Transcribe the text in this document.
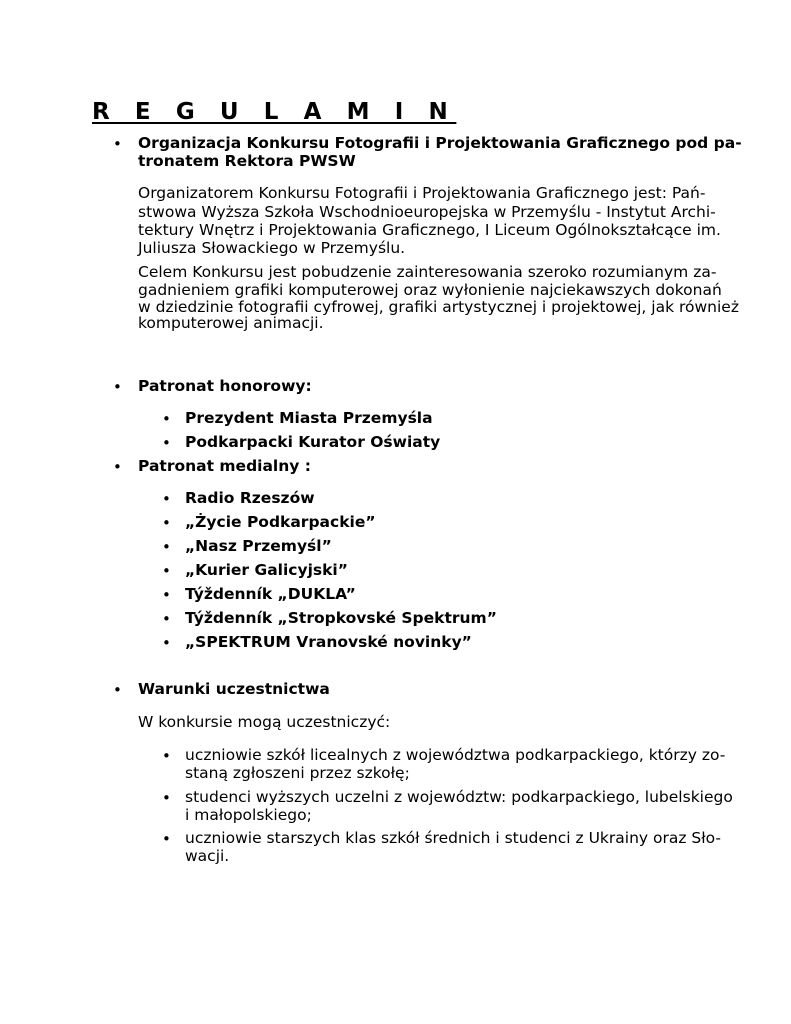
R E G U L A M I N
• Organizacja Konkursu Fotografii i Projektowania Graficznego pod pa-
tronatem Rektora PWSW
Organizatorem Konkursu Fotografii i Projektowania Graficznego jest: Pań-
stwowa Wyższa Szkoła Wschodnioeuropejska w Przemyślu - Instytut Archi-
tektury Wnętrz i Projektowania Graficznego, I Liceum Ogólnokształcące im.
Juliusza Słowackiego w Przemyślu.
Celem Konkursu jest pobudzenie zainteresowania szeroko rozumianym za-
gadnieniem grafiki komputerowej oraz wyłonienie najciekawszych dokonań
w dziedzinie fotografii cyfrowej, grafiki artystycznej i projektowej, jak również
komputerowej animacji.
• Patronat honorowy:
• Prezydent Miasta Przemyśla
• Podkarpacki Kurator Oświaty
• Patronat medialny :
• Radio Rzeszów
• „Życie Podkarpackie”
• „Nasz Przemyśl”
• „Kurier Galicyjski”
• Týždenník „DUKLA”
• Týždenník „Stropkovské Spektrum”
• „SPEKTRUM Vranovské novinky”
• Warunki uczestnictwa
W konkursie mogą uczestniczyć:
• uczniowie szkół licealnych z województwa podkarpackiego, którzy zo-
staną zgłoszeni przez szkołę;
• studenci wyższych uczelni z województw: podkarpackiego, lubelskiego
i małopolskiego;
• uczniowie starszych klas szkół średnich i studenci z Ukrainy oraz Sło-
wacji.
